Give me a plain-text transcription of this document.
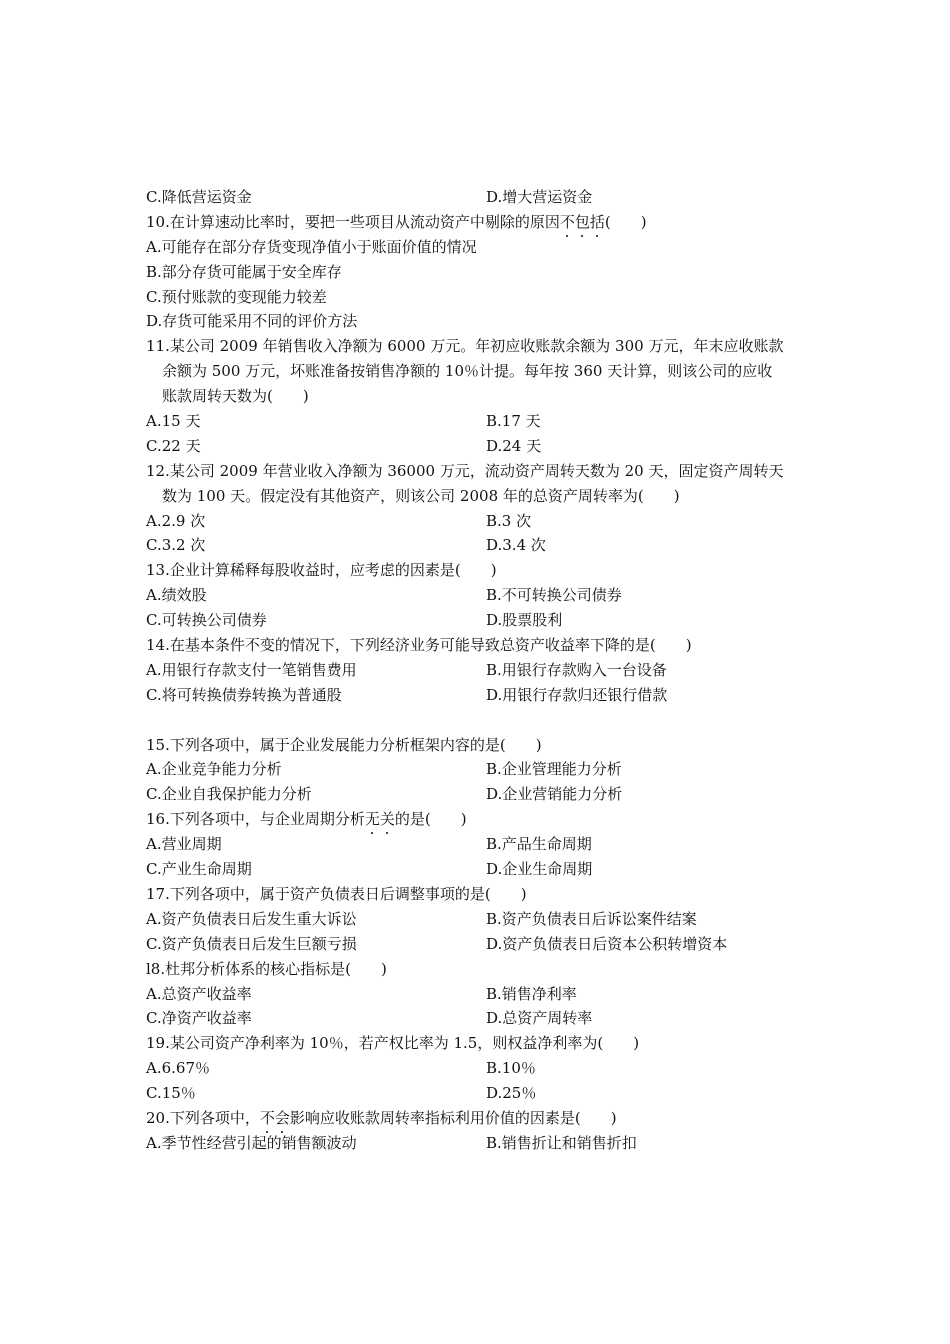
C.降低营运资金	D.增大营运资金
10.在计算速动比率时，要把一些项目从流动资产中剔除的原因不包括(　　)
A.可能存在部分存货变现净值小于账面价值的情况
B.部分存货可能属于安全库存
C.预付账款的变现能力较差
D.存货可能采用不同的评价方法
11.某公司 2009 年销售收入净额为 6000 万元。年初应收账款余额为 300 万元，年末应收账款
余额为 500 万元，坏账准备按销售净额的 10％计提。每年按 360 天计算，则该公司的应收
账款周转天数为(　　)
A.15 天	B.17 天
C.22 天	D.24 天
12.某公司 2009 年营业收入净额为 36000 万元，流动资产周转天数为 20 天，固定资产周转天
数为 100 天。假定没有其他资产，则该公司 2008 年的总资产周转率为(　　)
A.2.9 次	B.3 次
C.3.2 次	D.3.4 次
13.企业计算稀释每股收益时，应考虑的因素是(　　)
A.绩效股	B.不可转换公司债券
C.可转换公司债券	D.股票股利
14.在基本条件不变的情况下，下列经济业务可能导致总资产收益率下降的是(　　)
A.用银行存款支付一笔销售费用	B.用银行存款购入一台设备
C.将可转换债券转换为普通股	D.用银行存款归还银行借款
15.下列各项中，属于企业发展能力分析框架内容的是(　　)
A.企业竞争能力分析	B.企业管理能力分析
C.企业自我保护能力分析	D.企业营销能力分析
16.下列各项中，与企业周期分析无关的是(　　)
A.营业周期	B.产品生命周期
C.产业生命周期	D.企业生命周期
17.下列各项中，属于资产负债表日后调整事项的是(　　)
A.资产负债表日后发生重大诉讼	B.资产负债表日后诉讼案件结案
C.资产负债表日后发生巨额亏损	D.资产负债表日后资本公积转增资本
l8.杜邦分析体系的核心指标是(　　)
A.总资产收益率	B.销售净利率
C.净资产收益率	D.总资产周转率
19.某公司资产净利率为 10％，若产权比率为 1.5，则权益净利率为(　　)
A.6.67％	B.10％
C.15％	D.25％
20.下列各项中，不会影响应收账款周转率指标利用价值的因素是(　　)
A.季节性经营引起的销售额波动	B.销售折让和销售折扣
